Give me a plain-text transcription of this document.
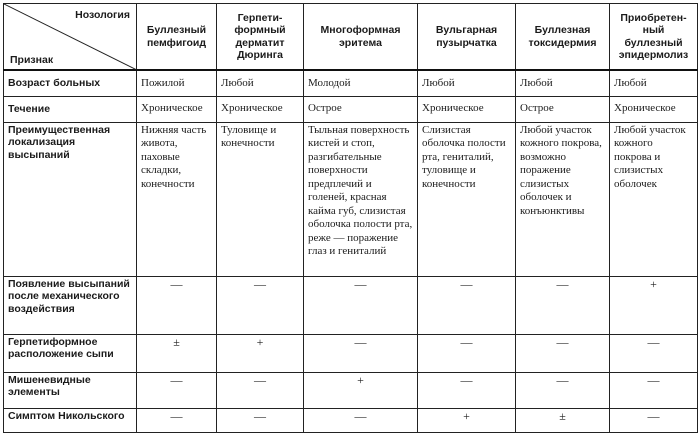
Нозология
Признак	Буллезный пемфигоид	Герпети-формный дерматит Дюринга	Многоформная эритема	Вульгарная пузырчатка	Буллезная токсидермия	Приобретен-ный буллезный эпидермолиз
Возраст больных	Пожилой	Любой	Молодой	Любой	Любой	Любой
Течение	Хроническое	Хроническое	Острое	Хроническое	Острое	Хроническое
Преимущественная локализация высыпаний	Нижняя часть живота, паховые складки, конечности	Туловище и конечности	Тыльная поверхность кистей и стоп, разгибательные поверхности предплечий и голеней, красная кайма губ, слизистая оболочка полости рта, реже — поражение глаз и гениталий	Слизистая оболочка полости рта, гениталий, туловище и конечности	Любой участок кожного покрова, возможно поражение слизистых оболочек и конъюнктивы	Любой участок кожного покрова и слизистых оболочек
Появление высыпаний после механического воздействия	—	—	—	—	—	+
Герпетиформное расположение сыпи	±	+	—	—	—	—
Мишеневидные элементы	—	—	+	—	—	—
Симптом Никольского	—	—	—	+	±	—
